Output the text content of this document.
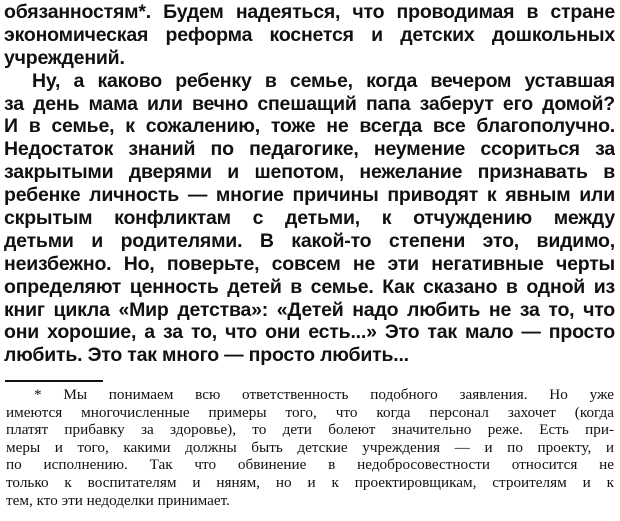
обязанностям*. Будем надеяться, что проводимая в стране
экономическая реформа коснется и детских дошкольных
учреждений.
Ну, а каково ребенку в семье, когда вечером уставшая
за день мама или вечно спешащий папа заберут его домой?
И в семье, к сожалению, тоже не всегда все благополучно.
Недостаток знаний по педагогике, неумение ссориться за
закрытыми дверями и шепотом, нежелание признавать в
ребенке личность — многие причины приводят к явным или
скрытым конфликтам с детьми, к отчуждению между
детьми и родителями. В какой-то степени это, видимо,
неизбежно. Но, поверьте, совсем не эти негативные черты
определяют ценность детей в семье. Как сказано в одной из
книг цикла «Мир детства»: «Детей надо любить не за то, что
они хорошие, а за то, что они есть...» Это так мало — просто
любить. Это так много — просто любить...
* Мы понимаем всю ответственность подобного заявления. Но уже
имеются многочисленные примеры того, что когда персонал захочет (когда
платят прибавку за здоровье), то дети болеют значительно реже. Есть при-
меры и того, какими должны быть детские учреждения — и по проекту, и
по исполнению. Так что обвинение в недобросовестности относится не
только к воспитателям и няням, но и к проектировщикам, строителям и к
тем, кто эти недоделки принимает.
